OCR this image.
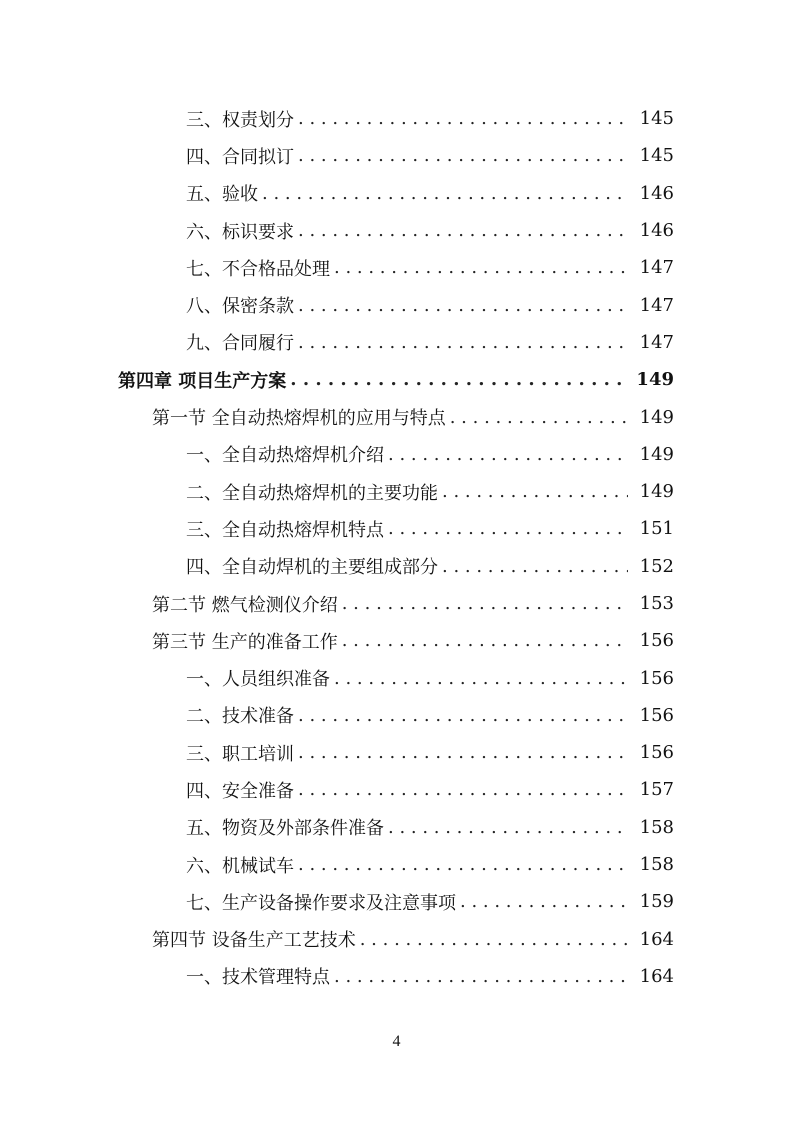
三、权责划分 . . .	145
四、合同拟订 . . .	145
五、验收 . . .	146
六、标识要求 . . .	146
七、不合格品处理 . . .	147
八、保密条款 . . .	147
九、合同履行 . . .	147
第四章 项目生产方案 . . .	149
第一节 全自动热熔焊机的应用与特点 . . .	149
一、全自动热熔焊机介绍 . . .	149
二、全自动热熔焊机的主要功能 . . .	149
三、全自动热熔焊机特点 . . .	151
四、全自动焊机的主要组成部分 . . .	152
第二节 燃气检测仪介绍 . . .	153
第三节 生产的准备工作 . . .	156
一、人员组织准备 . . .	156
二、技术准备 . . .	156
三、职工培训 . . .	156
四、安全准备 . . .	157
五、物资及外部条件准备 . . .	158
六、机械试车 . . .	158
七、生产设备操作要求及注意事项 . . .	159
第四节 设备生产工艺技术 . . .	164
一、技术管理特点 . . .	164
4
